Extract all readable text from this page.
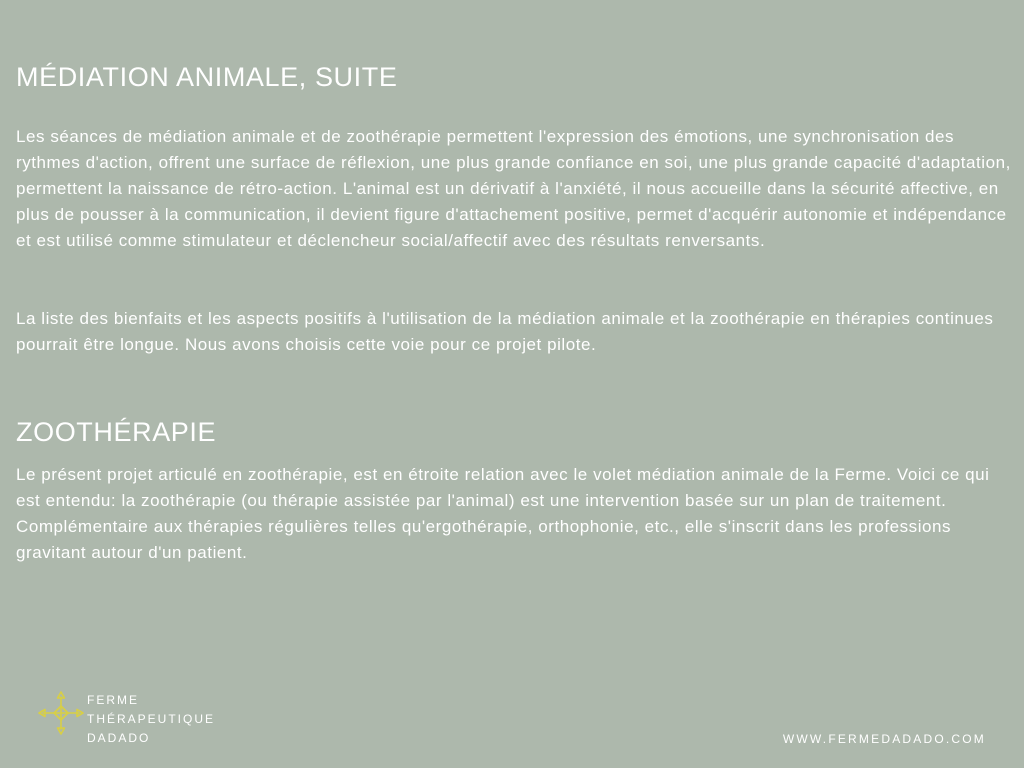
MÉDIATION ANIMALE, SUITE

Les séances de médiation animale et de zoothérapie permettent l'expression des émotions, une synchronisation des rythmes d'action, offrent une surface de réflexion, une plus grande confiance en soi, une plus grande capacité d'adaptation, permettent la naissance de rétro-action. L'animal est un dérivatif à l'anxiété, il nous accueille dans la sécurité affective, en plus de pousser à la communication, il devient figure d'attachement positive, permet d'acquérir autonomie et indépendance et est utilisé comme stimulateur et déclencheur social/affectif avec des résultats renversants.

La liste des bienfaits et les aspects positifs à l'utilisation de la médiation animale et la zoothérapie en thérapies continues pourrait être longue. Nous avons choisis cette voie pour ce projet pilote.

ZOOTHÉRAPIE

Le présent projet articulé en zoothérapie, est en étroite relation avec le volet médiation animale de la Ferme. Voici ce qui est entendu: la zoothérapie (ou thérapie assistée par l'animal) est une intervention basée sur un plan de traitement. Complémentaire aux thérapies régulières telles qu'ergothérapie, orthophonie, etc., elle s'inscrit dans les professions gravitant autour d'un patient.

FERME
THÉRAPEUTIQUE
DADADO	WWW.FERMEDADADO.COM
